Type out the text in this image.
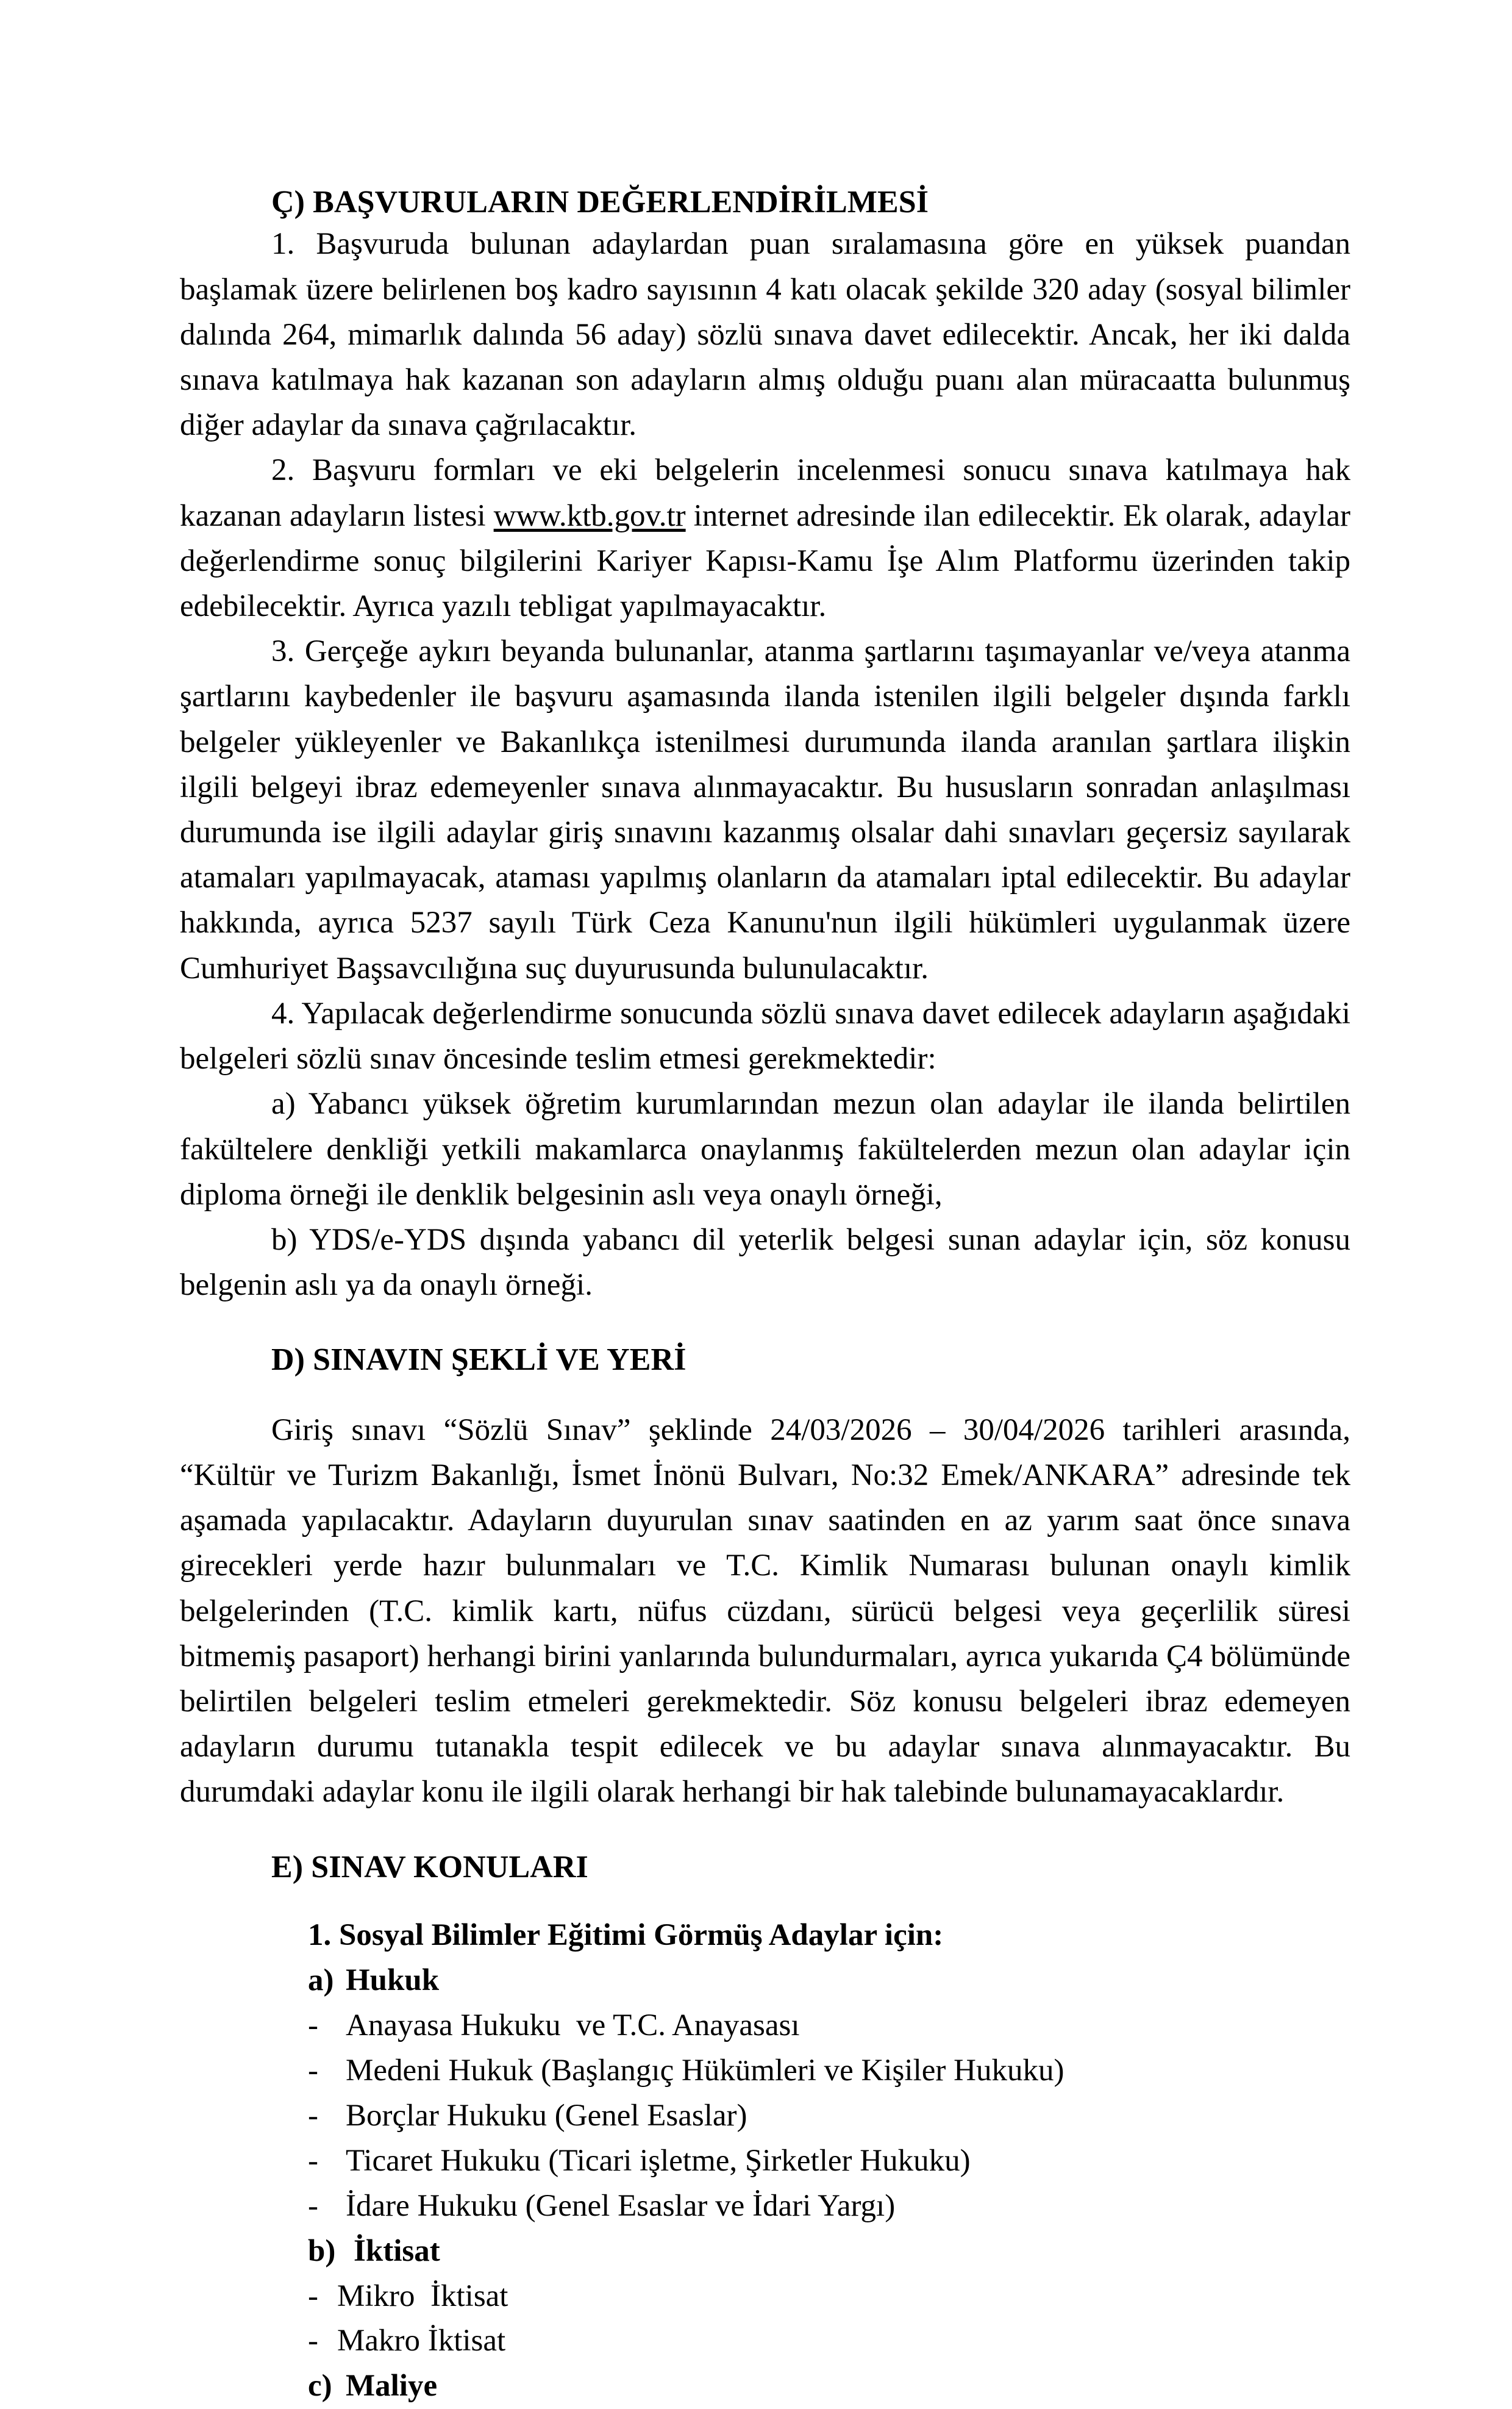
Ç) BAŞVURULARIN DEĞERLENDİRİLMESİ

1. Başvuruda bulunan adaylardan puan sıralamasına göre en yüksek puandan başlamak üzere belirlenen boş kadro sayısının 4 katı olacak şekilde 320 aday (sosyal bilimler dalında 264, mimarlık dalında 56 aday) sözlü sınava davet edilecektir. Ancak, her iki dalda sınava katılmaya hak kazanan son adayların almış olduğu puanı alan müracaatta bulunmuş diğer adaylar da sınava çağrılacaktır.

2. Başvuru formları ve eki belgelerin incelenmesi sonucu sınava katılmaya hak kazanan adayların listesi www.ktb.gov.tr internet adresinde ilan edilecektir. Ek olarak, adaylar değerlendirme sonuç bilgilerini Kariyer Kapısı-Kamu İşe Alım Platformu üzerinden takip edebilecektir. Ayrıca yazılı tebligat yapılmayacaktır.

3. Gerçeğe aykırı beyanda bulunanlar, atanma şartlarını taşımayanlar ve/veya atanma şartlarını kaybedenler ile başvuru aşamasında ilanda istenilen ilgili belgeler dışında farklı belgeler yükleyenler ve Bakanlıkça istenilmesi durumunda ilanda aranılan şartlara ilişkin ilgili belgeyi ibraz edemeyenler sınava alınmayacaktır. Bu hususların sonradan anlaşılması durumunda ise ilgili adaylar giriş sınavını kazanmış olsalar dahi sınavları geçersiz sayılarak atamaları yapılmayacak, ataması yapılmış olanların da atamaları iptal edilecektir. Bu adaylar hakkında, ayrıca 5237 sayılı Türk Ceza Kanunu'nun ilgili hükümleri uygulanmak üzere Cumhuriyet Başsavcılığına suç duyurusunda bulunulacaktır.

4. Yapılacak değerlendirme sonucunda sözlü sınava davet edilecek adayların aşağıdaki belgeleri sözlü sınav öncesinde teslim etmesi gerekmektedir:

a) Yabancı yüksek öğretim kurumlarından mezun olan adaylar ile ilanda belirtilen fakültelere denkliği yetkili makamlarca onaylanmış fakültelerden mezun olan adaylar için diploma örneği ile denklik belgesinin aslı veya onaylı örneği,

b) YDS/e-YDS dışında yabancı dil yeterlik belgesi sunan adaylar için, söz konusu belgenin aslı ya da onaylı örneği.

D) SINAVIN ŞEKLİ VE YERİ

Giriş sınavı “Sözlü Sınav” şeklinde 24/03/2026 – 30/04/2026 tarihleri arasında, “Kültür ve Turizm Bakanlığı, İsmet İnönü Bulvarı, No:32 Emek/ANKARA” adresinde tek aşamada yapılacaktır. Adayların duyurulan sınav saatinden en az yarım saat önce sınava girecekleri yerde hazır bulunmaları ve T.C. Kimlik Numarası bulunan onaylı kimlik belgelerinden (T.C. kimlik kartı, nüfus cüzdanı, sürücü belgesi veya geçerlilik süresi bitmemiş pasaport) herhangi birini yanlarında bulundurmaları, ayrıca yukarıda Ç4 bölümünde belirtilen belgeleri teslim etmeleri gerekmektedir. Söz konusu belgeleri ibraz edemeyen adayların durumu tutanakla tespit edilecek ve bu adaylar sınava alınmayacaktır. Bu durumdaki adaylar konu ile ilgili olarak herhangi bir hak talebinde bulunamayacaklardır.

E) SINAV KONULARI

1. Sosyal Bilimler Eğitimi Görmüş Adaylar için:

a) Hukuk

- Anayasa Hukuku  ve T.C. Anayasası
- Medeni Hukuk (Başlangıç Hükümleri ve Kişiler Hukuku)
- Borçlar Hukuku (Genel Esaslar)
- Ticaret Hukuku (Ticari işletme, Şirketler Hukuku)
- İdare Hukuku (Genel Esaslar ve İdari Yargı)

b) İktisat

- Mikro  İktisat
- Makro İktisat

c) Maliye
